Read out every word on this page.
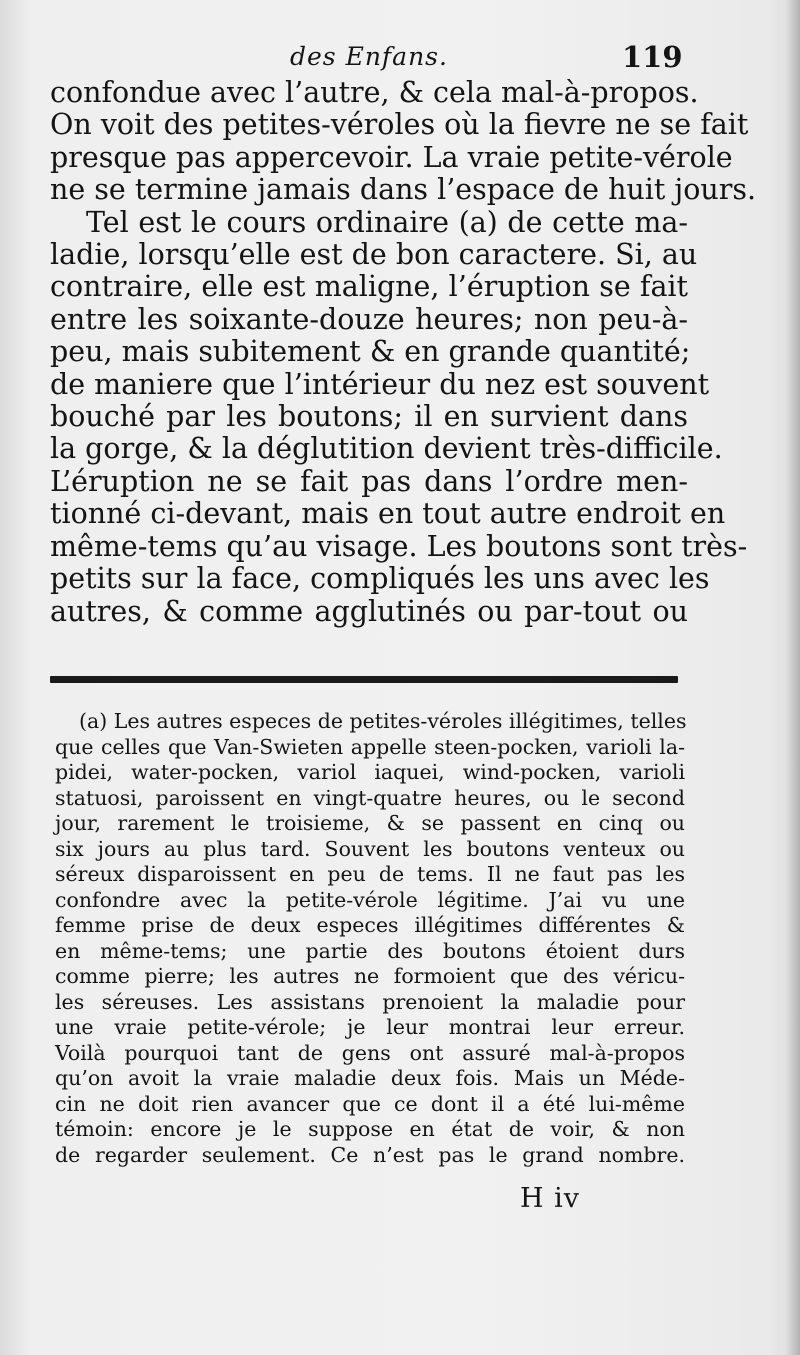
des Enfans.	119
confondue avec l’autre, & cela mal-à-propos.
On voit des petites-véroles où la fievre ne se fait
presque pas appercevoir. La vraie petite-vérole
ne se termine jamais dans l’espace de huit jours.
Tel est le cours ordinaire (a) de cette ma-
ladie, lorsqu’elle est de bon caractere. Si, au
contraire, elle est maligne, l’éruption se fait
entre les soixante-douze heures; non peu-à-
peu, mais subitement & en grande quantité;
de maniere que l’intérieur du nez est souvent
bouché par les boutons; il en survient dans
la gorge, & la déglutition devient très-difficile.
L’éruption ne se fait pas dans l’ordre men-
tionné ci-devant, mais en tout autre endroit en
même-tems qu’au visage. Les boutons sont très-
petits sur la face, compliqués les uns avec les
autres, & comme agglutinés ou par-tout ou
(a) Les autres especes de petites-véroles illégitimes, telles
que celles que Van-Swieten appelle steen-pocken, varioli la-
pidei, water-pocken, variol iaquei, wind-pocken, varioli
statuosi, paroissent en vingt-quatre heures, ou le second
jour, rarement le troisieme, & se passent en cinq ou
six jours au plus tard. Souvent les boutons venteux ou
séreux disparoissent en peu de tems. Il ne faut pas les
confondre avec la petite-vérole légitime. J’ai vu une
femme prise de deux especes illégitimes différentes &
en même-tems; une partie des boutons étoient durs
comme pierre; les autres ne formoient que des véricu-
les séreuses. Les assistans prenoient la maladie pour
une vraie petite-vérole; je leur montrai leur erreur.
Voilà pourquoi tant de gens ont assuré mal-à-propos
qu’on avoit la vraie maladie deux fois. Mais un Méde-
cin ne doit rien avancer que ce dont il a été lui-même
témoin: encore je le suppose en état de voir, & non
de regarder seulement. Ce n’est pas le grand nombre.
H iv
